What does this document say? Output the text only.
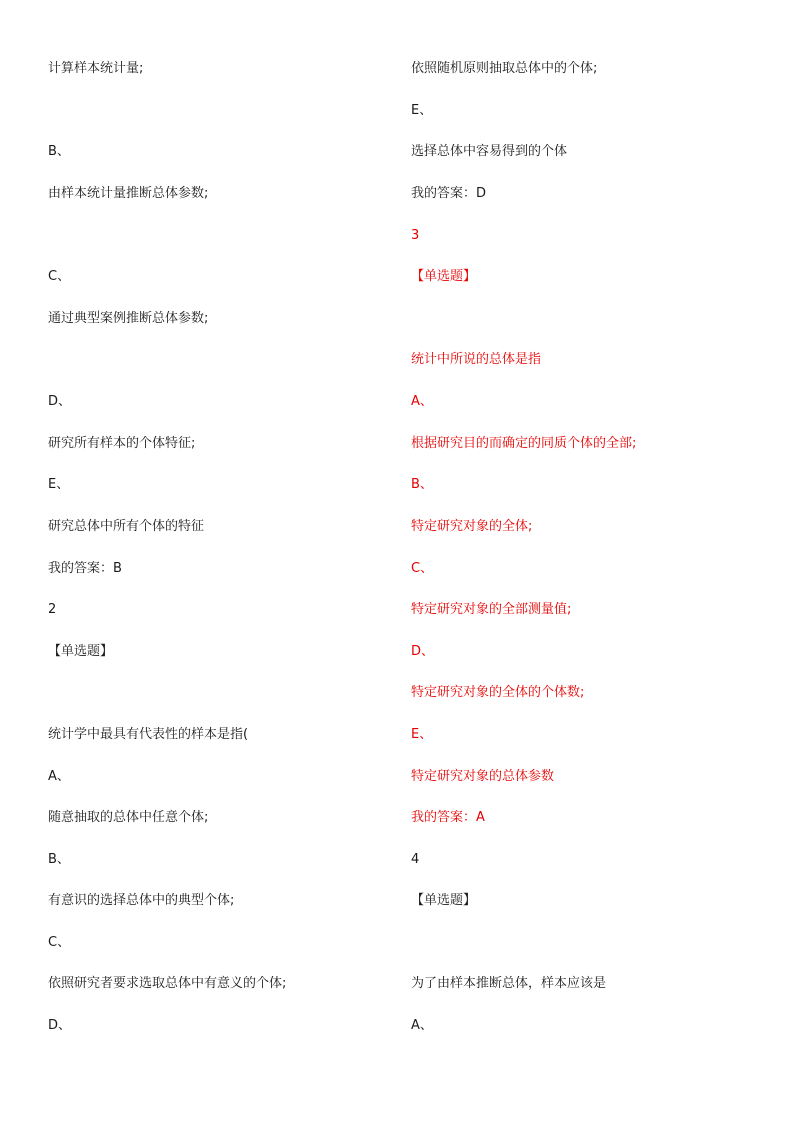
计算样本统计量;
B、
由样本统计量推断总体参数;
C、
通过典型案例推断总体参数;
D、
研究所有样本的个体特征;
E、
研究总体中所有个体的特征
我的答案：B
2
【单选题】
统计学中最具有代表性的样本是指(
A、
随意抽取的总体中任意个体;
B、
有意识的选择总体中的典型个体;
C、
依照研究者要求选取总体中有意义的个体;
D、
依照随机原则抽取总体中的个体;
E、
选择总体中容易得到的个体
我的答案：D
3
【单选题】
统计中所说的总体是指
A、
根据研究目的而确定的同质个体的全部;
B、
特定研究对象的全体;
C、
特定研究对象的全部测量值;
D、
特定研究对象的全体的个体数;
E、
特定研究对象的总体参数
我的答案：A
4
【单选题】
为了由样本推断总体，样本应该是
A、
